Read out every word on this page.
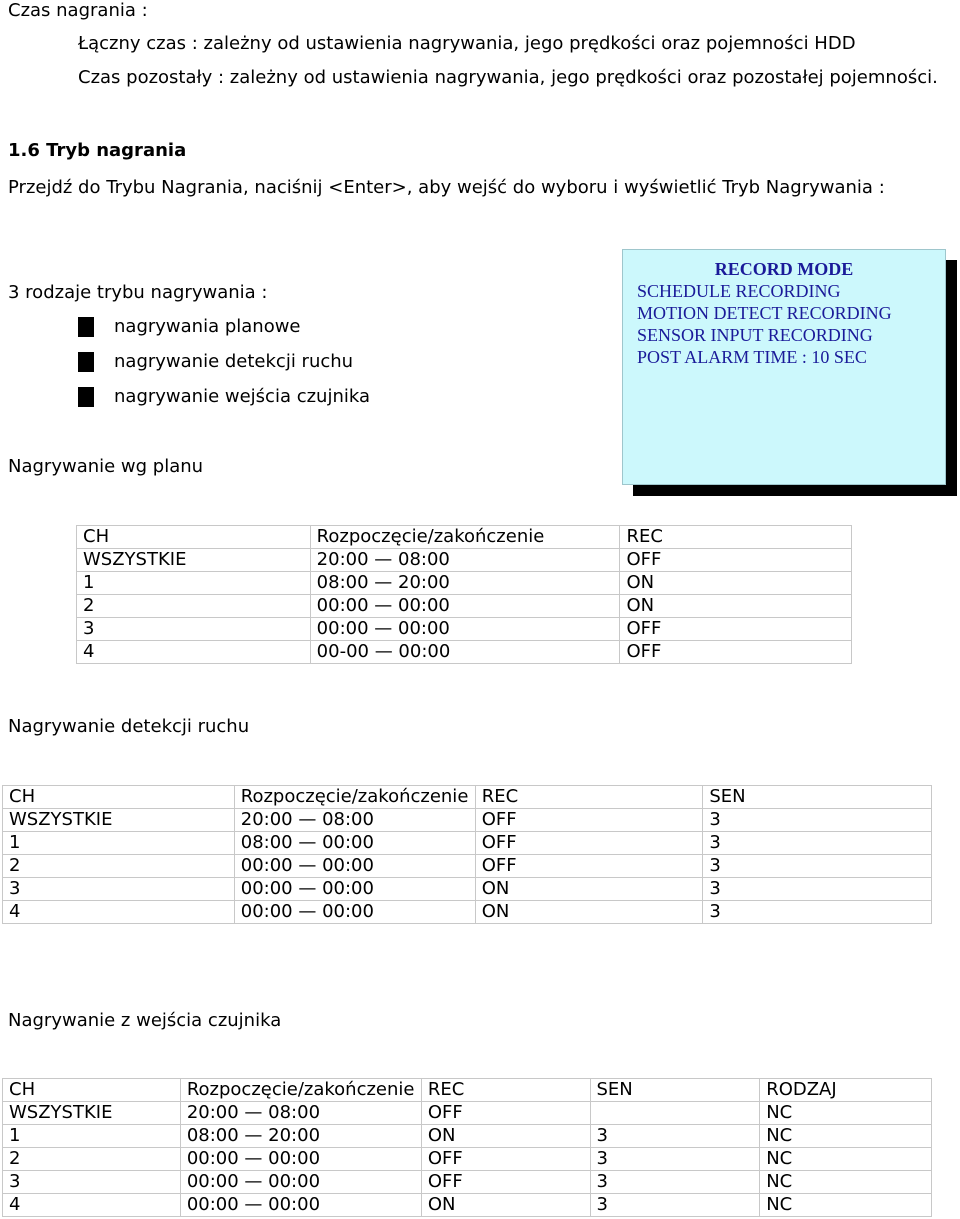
Czas nagrania :
Łączny czas : zależny od ustawienia nagrywania, jego prędkości oraz pojemności HDD
Czas pozostały : zależny od ustawienia nagrywania, jego prędkości oraz pozostałej pojemności.
1.6 Tryb nagrania
Przejdź do Trybu Nagrania, naciśnij <Enter>, aby wejść do wyboru i wyświetlić Tryb Nagrywania :
3 rodzaje trybu nagrywania :
a. nagrywania planowe
b. nagrywanie detekcji ruchu
c. nagrywanie wejścia czujnika
RECORD MODE
SCHEDULE RECORDING
MOTION DETECT RECORDING
SENSOR INPUT RECORDING
POST ALARM TIME : 10 SEC
Nagrywanie wg planu
CH	Rozpoczęcie/zakończenie	REC
WSZYSTKIE	20:00 — 08:00	OFF
1	08:00 — 20:00	ON
2	00:00 — 00:00	ON
3	00:00 — 00:00	OFF
4	00-00 — 00:00	OFF
Nagrywanie detekcji ruchu
CH	Rozpoczęcie/zakończenie	REC	SEN
WSZYSTKIE	20:00 — 08:00	OFF	3
1	08:00 — 00:00	OFF	3
2	00:00 — 00:00	OFF	3
3	00:00 — 00:00	ON	3
4	00:00 — 00:00	ON	3
Nagrywanie z wejścia czujnika
CH	Rozpoczęcie/zakończenie	REC	SEN	RODZAJ
WSZYSTKIE	20:00 — 08:00	OFF		NC
1	08:00 — 20:00	ON	3	NC
2	00:00 — 00:00	OFF	3	NC
3	00:00 — 00:00	OFF	3	NC
4	00:00 — 00:00	ON	3	NC
